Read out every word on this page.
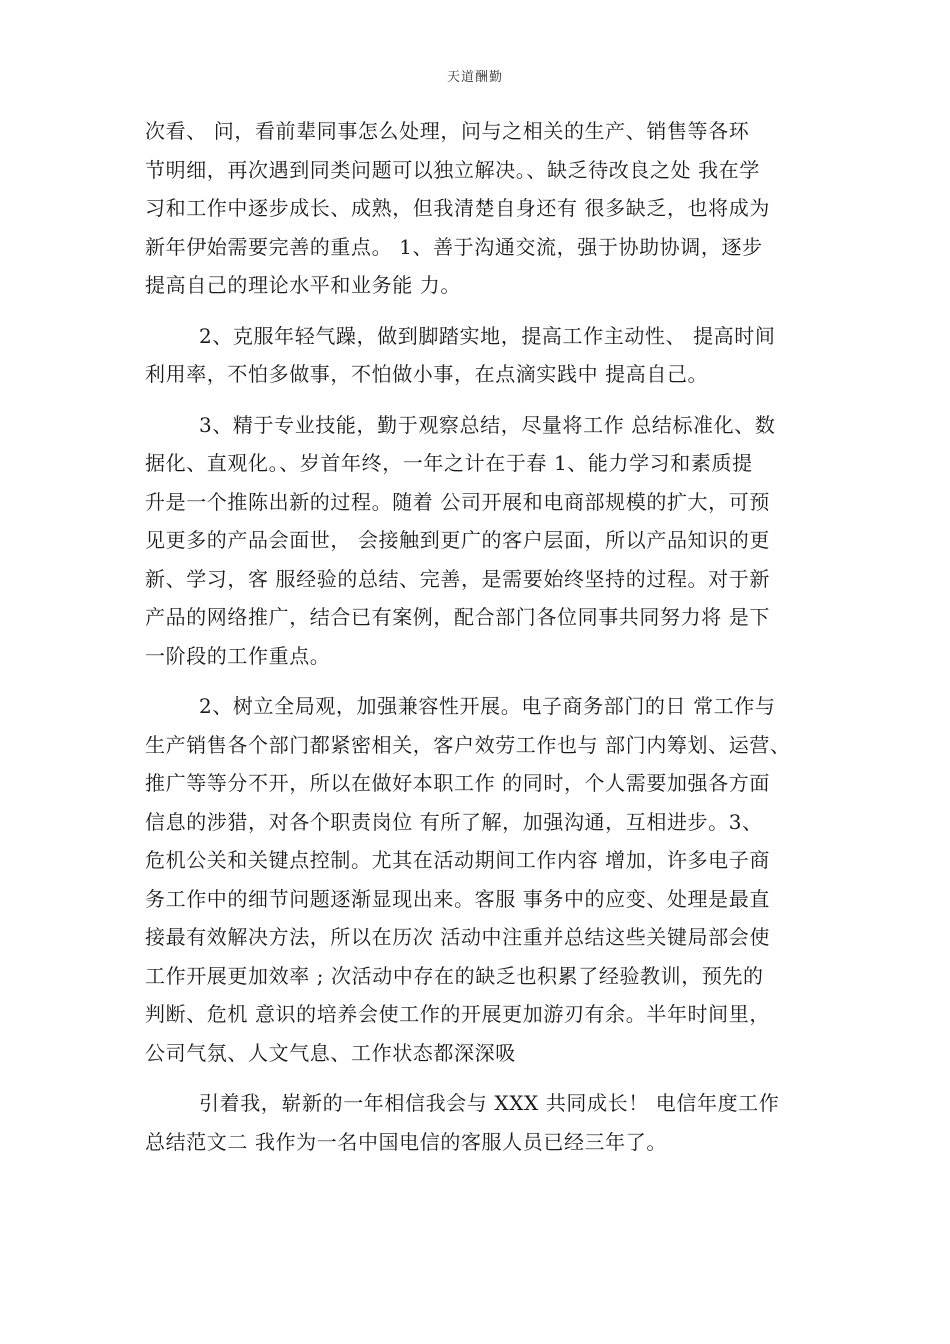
天道酬勤
次看、 问，看前辈同事怎么处理，问与之相关的生产、销售等各环
节明细，再次遇到同类问题可以独立解决。、缺乏待改良之处 我在学
习和工作中逐步成长、成熟，但我清楚自身还有 很多缺乏，也将成为
新年伊始需要完善的重点。 1、善于沟通交流，强于协助协调，逐步
提高自己的理论水平和业务能 力。
2、克服年轻气躁，做到脚踏实地，提高工作主动性、 提高时间
利用率，不怕多做事，不怕做小事，在点滴实践中 提高自己。
3、精于专业技能，勤于观察总结，尽量将工作 总结标准化、数
据化、直观化。、岁首年终，一年之计在于春 1、能力学习和素质提
升是一个推陈出新的过程。随着 公司开展和电商部规模的扩大，可预
见更多的产品会面世， 会接触到更广的客户层面，所以产品知识的更
新、学习，客 服经验的总结、完善，是需要始终坚持的过程。对于新
产品的网络推广，结合已有案例，配合部门各位同事共同努力将 是下
一阶段的工作重点。
2、树立全局观，加强兼容性开展。电子商务部门的日 常工作与
生产销售各个部门都紧密相关，客户效劳工作也与 部门内筹划、运营、
推广等等分不开，所以在做好本职工作 的同时，个人需要加强各方面
信息的涉猎，对各个职责岗位 有所了解，加强沟通，互相进步。3、
危机公关和关键点控制。尤其在活动期间工作内容 增加，许多电子商
务工作中的细节问题逐渐显现出来。客服 事务中的应变、处理是最直
接最有效解决方法，所以在历次 活动中注重并总结这些关键局部会使
工作开展更加效率 ; 次活动中存在的缺乏也积累了经验教训，预先的
判断、危机 意识的培养会使工作的开展更加游刃有余。半年时间里，
公司气氛、人文气息、工作状态都深深吸
引着我，崭新的一年相信我会与 XXX 共同成长！ 电信年度工作
总结范文二 我作为一名中国电信的客服人员已经三年了。
